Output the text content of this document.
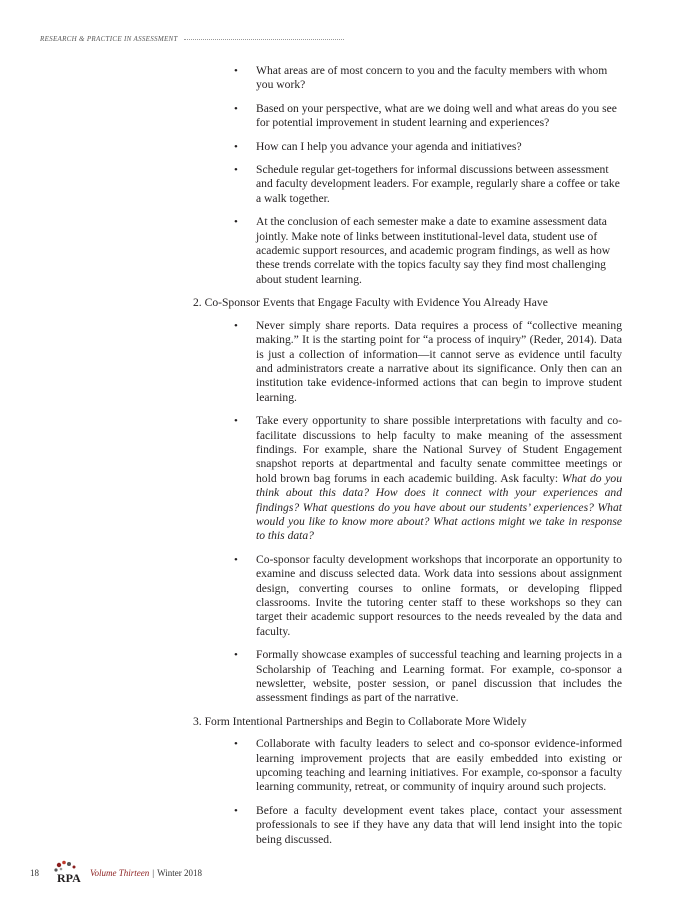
RESEARCH & PRACTICE IN ASSESSMENT
• What areas are of most concern to you and the faculty members with whom you work?
• Based on your perspective, what are we doing well and what areas do you see for potential improvement in student learning and experiences?
• How can I help you advance your agenda and initiatives?
• Schedule regular get-togethers for informal discussions between assessment and faculty development leaders. For example, regularly share a coffee or take a walk together.
• At the conclusion of each semester make a date to examine assessment data jointly. Make note of links between institutional-level data, student use of academic support resources, and academic program findings, as well as how these trends correlate with the topics faculty say they find most challenging about student learning.
2. Co-Sponsor Events that Engage Faculty with Evidence You Already Have
• Never simply share reports. Data requires a process of “collective meaning making.” It is the starting point for “a process of inquiry” (Reder, 2014). Data is just a collection of information—it cannot serve as evidence until faculty and administrators create a narrative about its significance. Only then can an institution take evidence-informed actions that can begin to improve student learning.
• Take every opportunity to share possible interpretations with faculty and co-facilitate discussions to help faculty to make meaning of the assessment findings. For example, share the National Survey of Student Engagement snapshot reports at departmental and faculty senate committee meetings or hold brown bag forums in each academic building. Ask faculty: What do you think about this data? How does it connect with your experiences and findings? What questions do you have about our students’ experiences? What would you like to know more about? What actions might we take in response to this data?
• Co-sponsor faculty development workshops that incorporate an opportunity to examine and discuss selected data. Work data into sessions about assignment design, converting courses to online formats, or developing flipped classrooms. Invite the tutoring center staff to these workshops so they can target their academic support resources to the needs revealed by the data and faculty.
• Formally showcase examples of successful teaching and learning projects in a Scholarship of Teaching and Learning format. For example, co-sponsor a newsletter, website, poster session, or panel discussion that includes the assessment findings as part of the narrative.
3. Form Intentional Partnerships and Begin to Collaborate More Widely
• Collaborate with faculty leaders to select and co-sponsor evidence-informed learning improvement projects that are easily embedded into existing or upcoming teaching and learning initiatives. For example, co-sponsor a faculty learning community, retreat, or community of inquiry around such projects.
• Before a faculty development event takes place, contact your assessment professionals to see if they have any data that will lend insight into the topic being discussed.
18	RPA Volume Thirteen | Winter 2018
